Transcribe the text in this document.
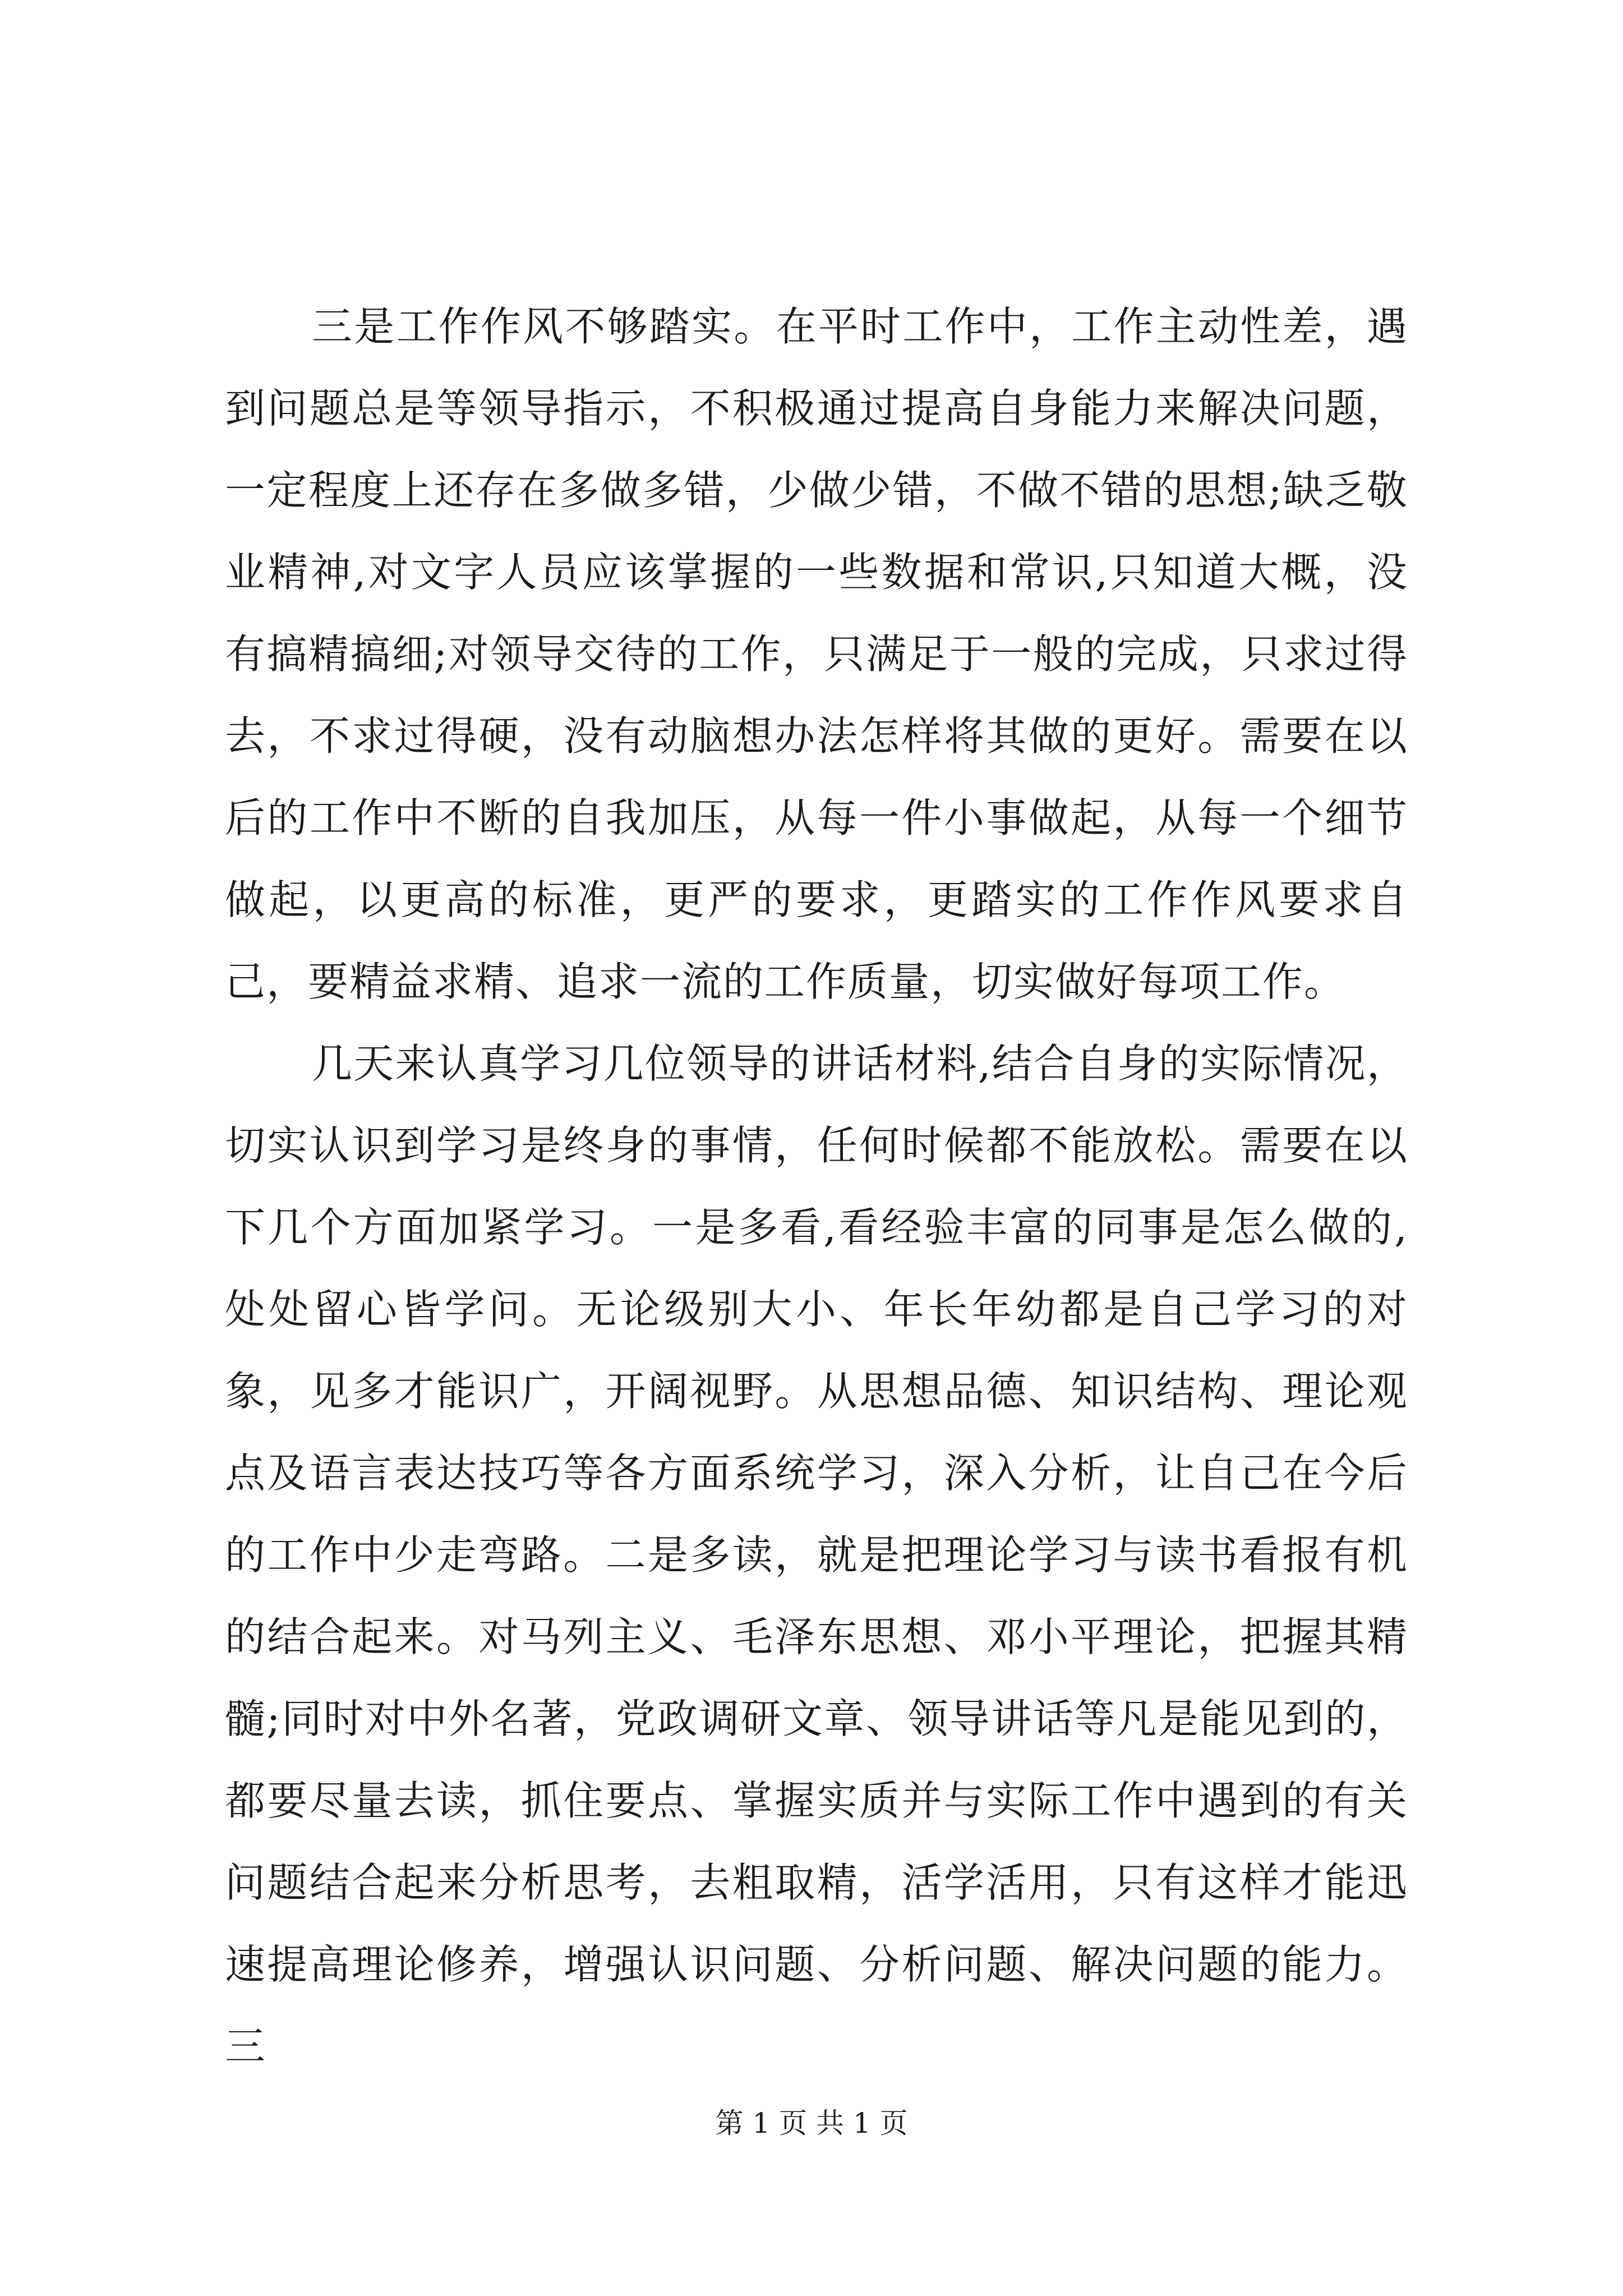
三是工作作风不够踏实。在平时工作中，工作主动性差，遇到问题总是等领导指示，不积极通过提高自身能力来解决问题，一定程度上还存在多做多错，少做少错，不做不错的思想;缺乏敬业精神,对文字人员应该掌握的一些数据和常识,只知道大概，没有搞精搞细;对领导交待的工作，只满足于一般的完成，只求过得去，不求过得硬，没有动脑想办法怎样将其做的更好。需要在以后的工作中不断的自我加压，从每一件小事做起，从每一个细节做起，以更高的标准，更严的要求，更踏实的工作作风要求自己，要精益求精、追求一流的工作质量，切实做好每项工作。

几天来认真学习几位领导的讲话材料,结合自身的实际情况，切实认识到学习是终身的事情，任何时候都不能放松。需要在以下几个方面加紧学习。一是多看,看经验丰富的同事是怎么做的,处处留心皆学问。无论级别大小、年长年幼都是自己学习的对象，见多才能识广，开阔视野。从思想品德、知识结构、理论观点及语言表达技巧等各方面系统学习，深入分析，让自己在今后的工作中少走弯路。二是多读，就是把理论学习与读书看报有机的结合起来。对马列主义、毛泽东思想、邓小平理论，把握其精髓;同时对中外名著，党政调研文章、领导讲话等凡是能见到的，都要尽量去读，抓住要点、掌握实质并与实际工作中遇到的有关问题结合起来分析思考，去粗取精，活学活用，只有这样才能迅速提高理论修养，增强认识问题、分析问题、解决问题的能力。三

第 1 页 共 1 页
